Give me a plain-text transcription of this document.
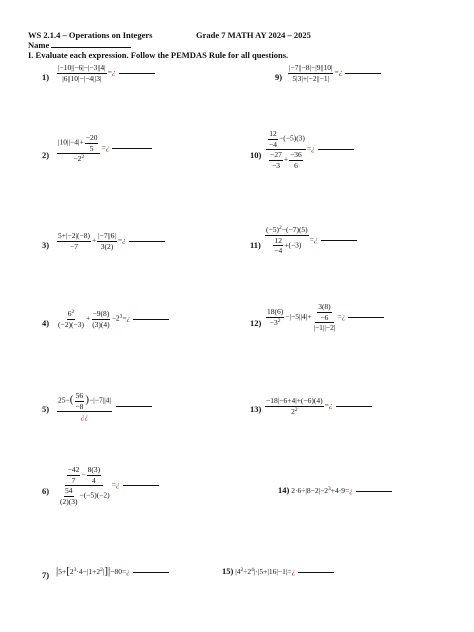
WS 2.1.4 – Operations on Integers	Grade 7 MATH AY 2024 – 2025
Name
I. Evaluate each expression. Follow the PEMDAS Rule for all questions.
$1) \frac{|-10||-6|-|-3||4|}{|6||10|-|-4||3|}$ =¿	$9) \frac{|-7||-8|-|9||10|}{5|3|+|-2||-1|}$ =¿
$2) \frac{|10||-4|+ \frac{-20}{5}}{-2^2}$ =¿
$10) \frac{\frac{12}{-4} -(-5)(3)}{\frac{-27}{-3} + \frac{-36}{6}}$ =¿
$3) \frac{5+|-2|(-8)}{-7} + \frac{|-7||6|}{3(2)}$ =¿	$11) \frac{(-5)^2-(-7)(5)}{\frac{12}{-4} +(-3)}$ =¿
$4) \frac{6^2}{(-2)(-3)} + \frac{-9(8)}{(3)(4)}$ $-2^3=¿$	$12) \frac{18(6)}{-3^2} -|-5||4|+ \frac{\frac{3(8)}{-6}}{|-1||-2|}$ =¿
$5) \frac{25-( \frac{56}{-8} )-|-7||4|}{¿¿}$	$13) \frac{-18|-6+4|+(-6)(4)}{2^2}$ =¿
$6) \frac{\frac{-42}{7} - \frac{8(3)}{4}}{\frac{54}{(2)(3)} -(-5)(-2)}$ =¿
14) $2\cdot 6\div|8-2|-2^3+4\cdot 9=¿$
7) $|5+[2^3\cdot 4-|1+2^2|]|-80=¿$	15) $|4^2\div 2^4|\cdot|5+|16|-1|=¿$
